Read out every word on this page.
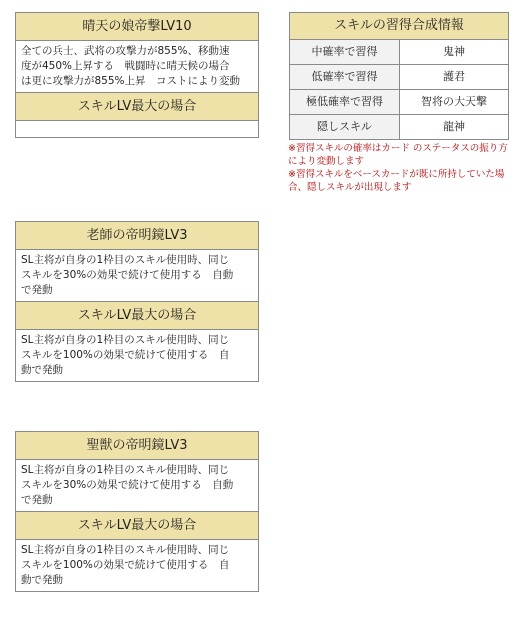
晴天の娘帝撃LV10
全ての兵士、武将の攻撃力が855%、移動速
度が450%上昇する　戦闘時に晴天候の場合
は更に攻撃力が855%上昇　コストにより変動
スキルLV最大の場合
老師の帝明鏡LV3
SL主将が自身の1枠目のスキル使用時、同じ
スキルを30%の効果で続けて使用する　自動
で発動
スキルLV最大の場合
SL主将が自身の1枠目のスキル使用時、同じ
スキルを100%の効果で続けて使用する　自
動で発動
聖獣の帝明鏡LV3
SL主将が自身の1枠目のスキル使用時、同じ
スキルを30%の効果で続けて使用する　自動
で発動
スキルLV最大の場合
SL主将が自身の1枠目のスキル使用時、同じ
スキルを100%の効果で続けて使用する　自
動で発動
スキルの習得合成情報
中確率で習得	鬼神
低確率で習得	護君
極低確率で習得	智将の大天撃
隠しスキル	龍神
※習得スキルの確率はカード のステータスの振り方
により変動します
※習得スキルをベースカードが既に所持していた場
合、隠しスキルが出現します
